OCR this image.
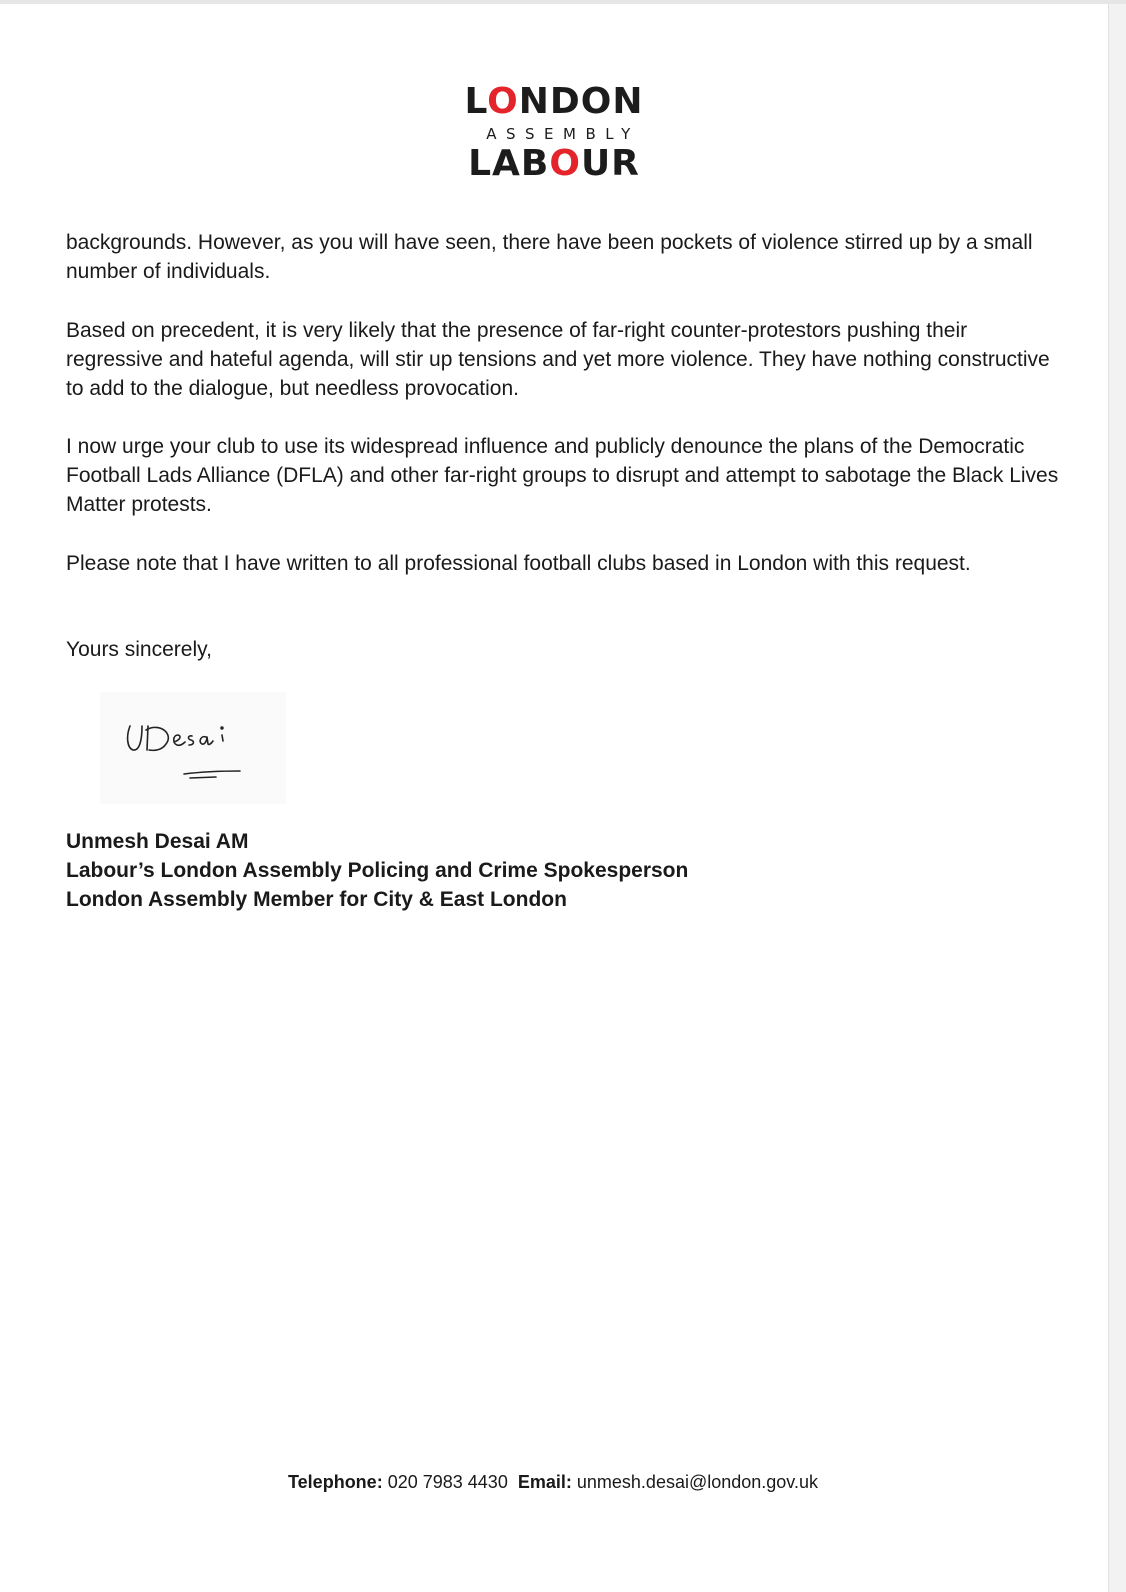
LONDON
ASSEMBLY
LABOUR

backgrounds. However, as you will have seen, there have been pockets of violence stirred up by a small number of individuals.

Based on precedent, it is very likely that the presence of far-right counter-protestors pushing their regressive and hateful agenda, will stir up tensions and yet more violence. They have nothing constructive to add to the dialogue, but needless provocation.

I now urge your club to use its widespread influence and publicly denounce the plans of the Democratic Football Lads Alliance (DFLA) and other far-right groups to disrupt and attempt to sabotage the Black Lives Matter protests.

Please note that I have written to all professional football clubs based in London with this request.

Yours sincerely,

Unmesh Desai AM
Labour’s London Assembly Policing and Crime Spokesperson
London Assembly Member for City & East London
Telephone: 020 7983 4430 Email: unmesh.desai@london.gov.uk
